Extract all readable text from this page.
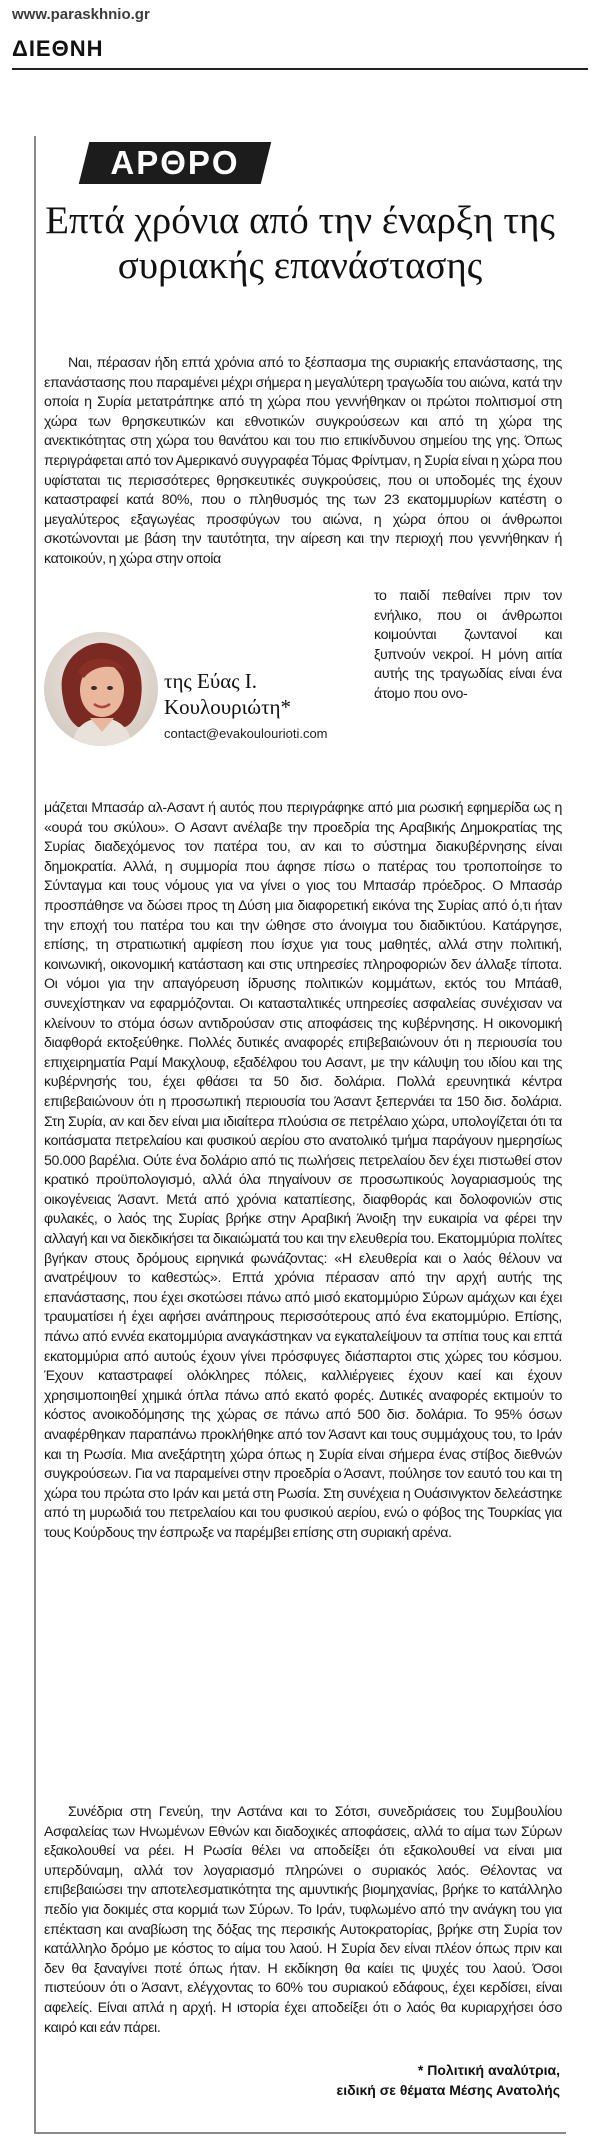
www.paraskhnio.gr
ΔΙΕΘΝΗ
ΑΡΘΡΟ
Επτά χρόνια από την έναρξη της συριακής επανάστασης

Ναι, πέρασαν ήδη επτά χρόνια από το ξέσπασμα της συριακής επανάστασης, της επανάστασης που παραμένει μέχρι σήμερα η μεγαλύτερη τραγωδία του αιώνα, κατά την οποία η Συρία μετατράπηκε από τη χώρα που γεννήθηκαν οι πρώτοι πολιτισμοί στη χώρα των θρησκευτικών και εθνοτικών συγκρούσεων και από τη χώρα της ανεκτικότητας στη χώρα του θανάτου και του πιο επικίνδυνου σημείου της γης. Όπως περιγράφεται από τον Αμερικανό συγγραφέα Τόμας Φρίντμαν, η Συρία είναι η χώρα που υφίσταται τις περισσότερες θρησκευτικές συγκρούσεις, που οι υποδομές της έχουν καταστραφεί κατά 80%, που ο πληθυσμός της των 23 εκατομμυρίων κατέστη ο μεγαλύτερος εξαγωγέας προσφύγων του αιώνα, η χώρα όπου οι άνθρωποι σκοτώνονται με βάση την ταυτότητα, την αίρεση και την περιοχή που γεννήθηκαν ή κατοικούν, η χώρα στην οποία

της Εύας Ι. Κουλουριώτη*
contact@evakoulourioti.com

το παιδί πεθαίνει πριν τον ενήλικο, που οι άνθρωποι κοιμούνται ζωντανοί και ξυπνούν νεκροί. Η μόνη αιτία αυτής της τραγωδίας είναι ένα άτομο που ονο-

μάζεται Μπασάρ αλ-Ασαντ ή αυτός που περιγράφηκε από μια ρωσική εφημερίδα ως η «ουρά του σκύλου». Ο Ασαντ ανέλαβε την προεδρία της Αραβικής Δημοκρατίας της Συρίας διαδεχόμενος τον πατέρα του, αν και το σύστημα διακυβέρνησης είναι δημοκρατία. Αλλά, η συμμορία που άφησε πίσω ο πατέρας του τροποποίησε το Σύνταγμα και τους νόμους για να γίνει ο γιος του Μπασάρ πρόεδρος. Ο Μπασάρ προσπάθησε να δώσει προς τη Δύση μια διαφορετική εικόνα της Συρίας από ό,τι ήταν την εποχή του πατέρα του και την ώθησε στο άνοιγμα του διαδικτύου. Κατάργησε, επίσης, τη στρατιωτική αμφίεση που ίσχυε για τους μαθητές, αλλά στην πολιτική, κοινωνική, οικονομική κατάσταση και στις υπηρεσίες πληροφοριών δεν άλλαξε τίποτα. Οι νόμοι για την απαγόρευση ίδρυσης πολιτικών κομμάτων, εκτός του Μπάαθ, συνεχίστηκαν να εφαρμόζονται. Οι κατασταλτικές υπηρεσίες ασφαλείας συνέχισαν να κλείνουν το στόμα όσων αντιδρούσαν στις αποφάσεις της κυβέρνησης. Η οικονομική διαφθορά εκτοξεύθηκε. Πολλές δυτικές αναφορές επιβεβαιώνουν ότι η περιουσία του επιχειρηματία Ραμί Μακχλουφ, εξαδέλφου του Ασαντ, με την κάλυψη του ιδίου και της κυβέρνησής του, έχει φθάσει τα 50 δισ. δολάρια. Πολλά ερευνητικά κέντρα επιβεβαιώνουν ότι η προσωπική περιουσία του Άσαντ ξεπερνάει τα 150 δισ. δολάρια. Στη Συρία, αν και δεν είναι μια ιδιαίτερα πλούσια σε πετρέλαιο χώρα, υπολογίζεται ότι τα κοιτάσματα πετρελαίου και φυσικού αερίου στο ανατολικό τμήμα παράγουν ημερησίως 50.000 βαρέλια. Ούτε ένα δολάριο από τις πωλήσεις πετρελαίου δεν έχει πιστωθεί στον κρατικό προϋπολογισμό, αλλά όλα πηγαίνουν σε προσωπικούς λογαριασμούς της οικογένειας Άσαντ. Μετά από χρόνια καταπίεσης, διαφθοράς και δολοφονιών στις φυλακές, ο λαός της Συρίας βρήκε στην Αραβική Άνοιξη την ευκαιρία να φέρει την αλλαγή και να διεκδικήσει τα δικαιώματά του και την ελευθερία του. Εκατομμύρια πολίτες βγήκαν στους δρόμους ειρηνικά φωνάζοντας: «Η ελευθερία και ο λαός θέλουν να ανατρέψουν το καθεστώς». Επτά χρόνια πέρασαν από την αρχή αυτής της επανάστασης, που έχει σκοτώσει πάνω από μισό εκατομμύριο Σύρων αμάχων και έχει τραυματίσει ή έχει αφήσει ανάπηρους περισσότερους από ένα εκατομμύριο. Επίσης, πάνω από εννέα εκατομμύρια αναγκάστηκαν να εγκαταλείψουν τα σπίτια τους και επτά εκατομμύρια από αυτούς έχουν γίνει πρόσφυγες διάσπαρτοι στις χώρες του κόσμου. Έχουν καταστραφεί ολόκληρες πόλεις, καλλιέργειες έχουν καεί και έχουν χρησιμοποιηθεί χημικά όπλα πάνω από εκατό φορές. Δυτικές αναφορές εκτιμούν το κόστος ανοικοδόμησης της χώρας σε πάνω από 500 δισ. δολάρια. Το 95% όσων αναφέρθηκαν παραπάνω προκλήθηκε από τον Άσαντ και τους συμμάχους του, το Ιράν και τη Ρωσία. Μια ανεξάρτητη χώρα όπως η Συρία είναι σήμερα ένας στίβος διεθνών συγκρούσεων. Για να παραμείνει στην προεδρία ο Άσαντ, πούλησε τον εαυτό του και τη χώρα του πρώτα στο Ιράν και μετά στη Ρωσία. Στη συνέχεια η Ουάσινγκτον δελεάστηκε από τη μυρωδιά του πετρελαίου και του φυσικού αερίου, ενώ ο φόβος της Τουρκίας για τους Κούρδους την έσπρωξε να παρέμβει επίσης στη συριακή αρένα.

Συνέδρια στη Γενεύη, την Αστάνα και το Σότσι, συνεδριάσεις του Συμβουλίου Ασφαλείας των Ηνωμένων Εθνών και διαδοχικές αποφάσεις, αλλά το αίμα των Σύρων εξακολουθεί να ρέει. Η Ρωσία θέλει να αποδείξει ότι εξακολουθεί να είναι μια υπερδύναμη, αλλά τον λογαριασμό πληρώνει ο συριακός λαός. Θέλοντας να επιβεβαιώσει την αποτελεσματικότητα της αμυντικής βιομηχανίας, βρήκε το κατάλληλο πεδίο για δοκιμές στα κορμιά των Σύρων. Το Ιράν, τυφλωμένο από την ανάγκη του για επέκταση και αναβίωση της δόξας της περσικής Αυτοκρατορίας, βρήκε στη Συρία τον κατάλληλο δρόμο με κόστος το αίμα του λαού. Η Συρία δεν είναι πλέον όπως πριν και δεν θα ξαναγίνει ποτέ όπως ήταν. Η εκδίκηση θα καίει τις ψυχές του λαού. Όσοι πιστεύουν ότι ο Άσαντ, ελέγχοντας το 60% του συριακού εδάφους, έχει κερδίσει, είναι αφελείς. Είναι απλά η αρχή. Η ιστορία έχει αποδείξει ότι ο λαός θα κυριαρχήσει όσο καιρό και εάν πάρει.

* Πολιτική αναλύτρια,
ειδική σε θέματα Μέσης Ανατολής
